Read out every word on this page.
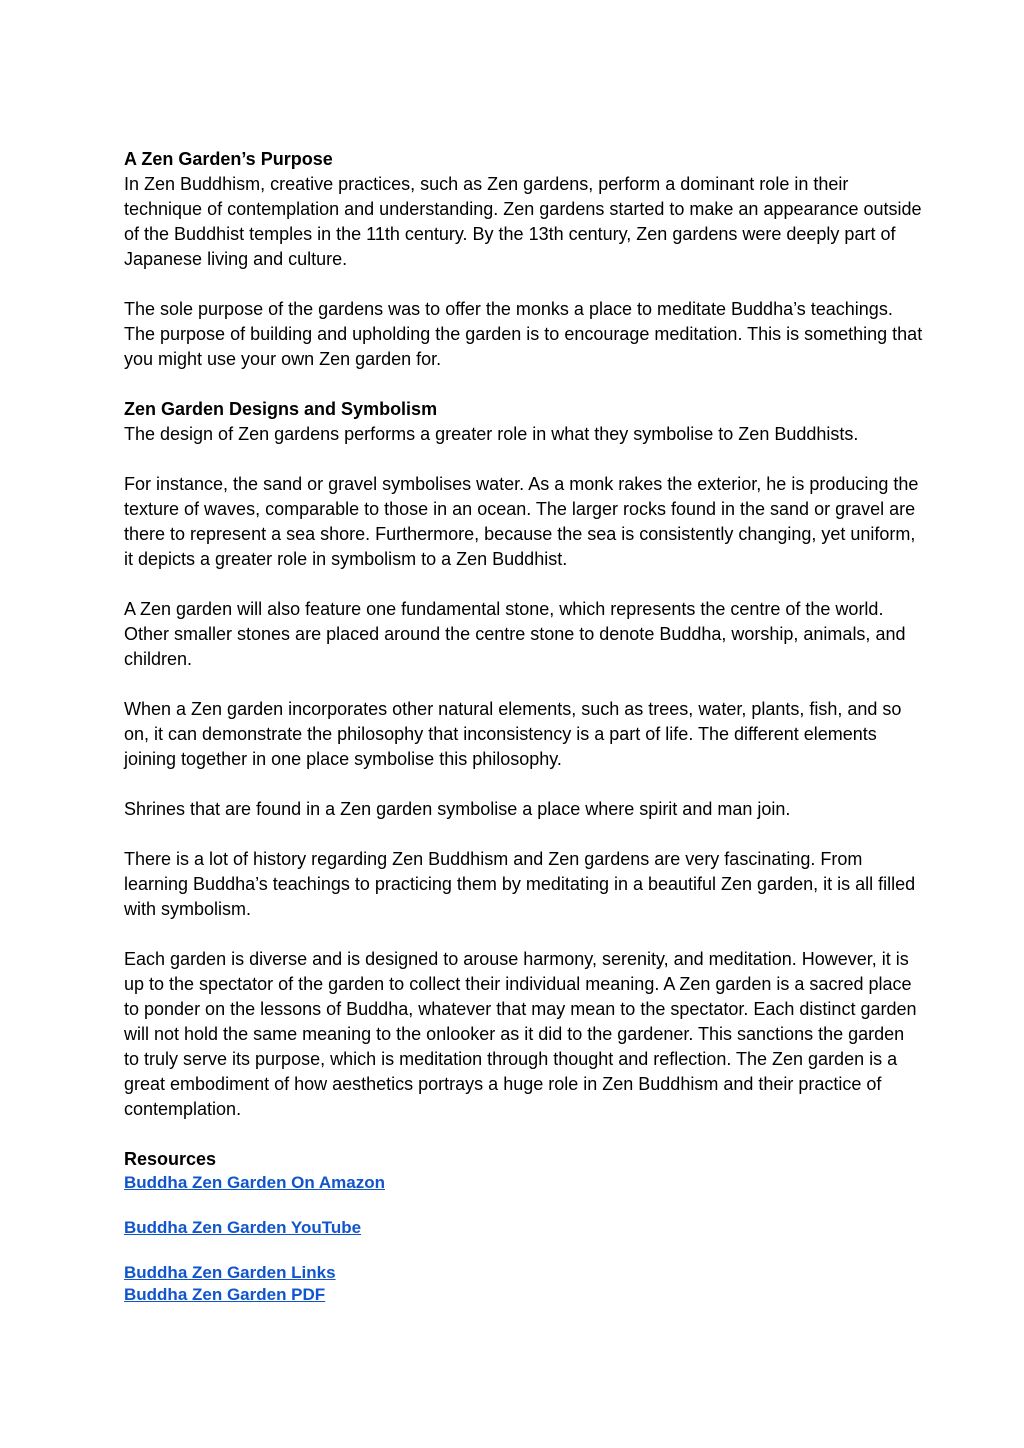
A Zen Garden’s Purpose

In Zen Buddhism, creative practices, such as Zen gardens, perform a dominant role in their technique of contemplation and understanding. Zen gardens started to make an appearance outside of the Buddhist temples in the 11th century. By the 13th century, Zen gardens were deeply part of Japanese living and culture.

The sole purpose of the gardens was to offer the monks a place to meditate Buddha’s teachings. The purpose of building and upholding the garden is to encourage meditation. This is something that you might use your own Zen garden for.

Zen Garden Designs and Symbolism

The design of Zen gardens performs a greater role in what they symbolise to Zen Buddhists.

For instance, the sand or gravel symbolises water. As a monk rakes the exterior, he is producing the texture of waves, comparable to those in an ocean. The larger rocks found in the sand or gravel are there to represent a sea shore. Furthermore, because the sea is consistently changing, yet uniform, it depicts a greater role in symbolism to a Zen Buddhist.

A Zen garden will also feature one fundamental stone, which represents the centre of the world. Other smaller stones are placed around the centre stone to denote Buddha, worship, animals, and children.

When a Zen garden incorporates other natural elements, such as trees, water, plants, fish, and so on, it can demonstrate the philosophy that inconsistency is a part of life. The different elements joining together in one place symbolise this philosophy.

Shrines that are found in a Zen garden symbolise a place where spirit and man join.

There is a lot of history regarding Zen Buddhism and Zen gardens are very fascinating. From learning Buddha’s teachings to practicing them by meditating in a beautiful Zen garden, it is all filled with symbolism.

Each garden is diverse and is designed to arouse harmony, serenity, and meditation. However, it is up to the spectator of the garden to collect their individual meaning. A Zen garden is a sacred place to ponder on the lessons of Buddha, whatever that may mean to the spectator. Each distinct garden will not hold the same meaning to the onlooker as it did to the gardener. This sanctions the garden to truly serve its purpose, which is meditation through thought and reflection. The Zen garden is a great embodiment of how aesthetics portrays a huge role in Zen Buddhism and their practice of contemplation.

Resources

Buddha Zen Garden On Amazon
Buddha Zen Garden YouTube
Buddha Zen Garden Links
Buddha Zen Garden PDF
